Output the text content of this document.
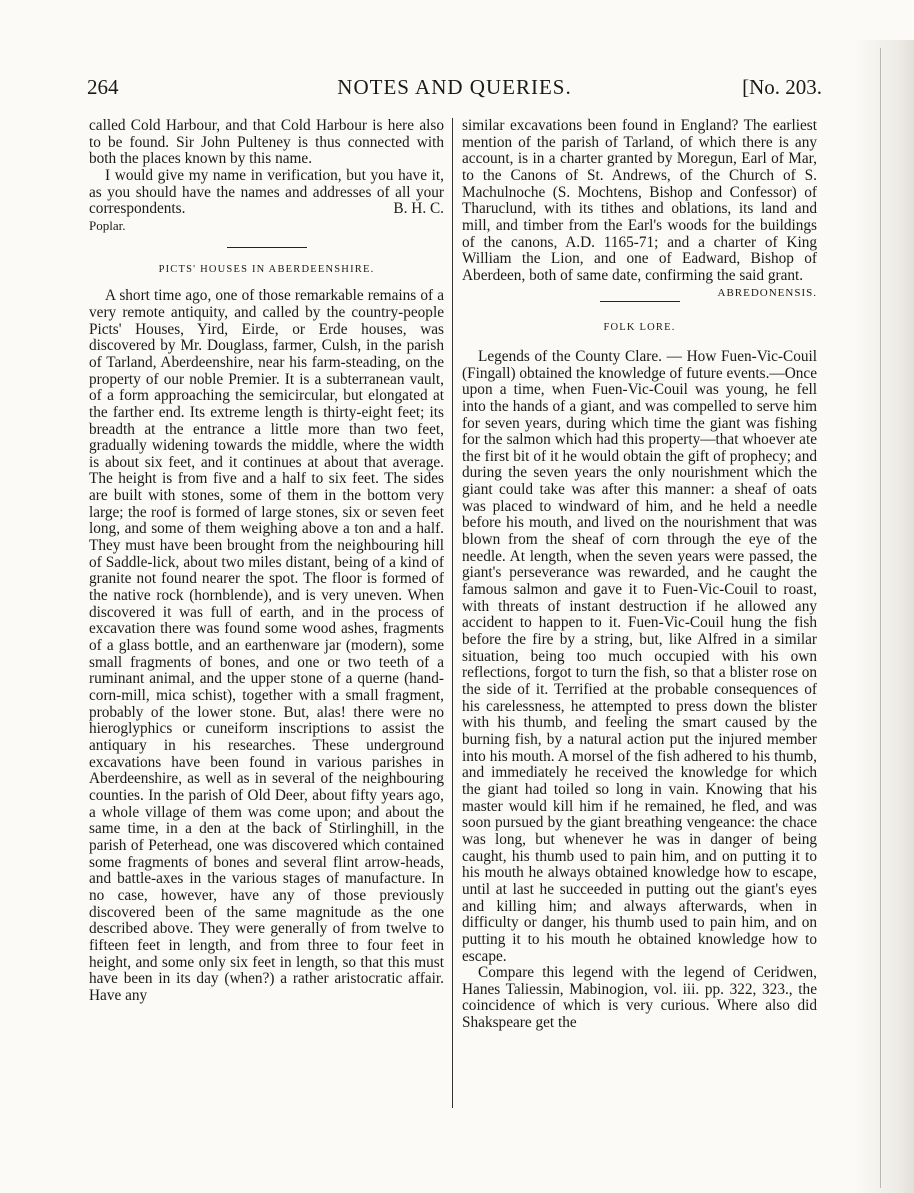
264	NOTES AND QUERIES.	[No. 203.

called Cold Harbour, and that Cold Harbour is here also to be found. Sir John Pulteney is thus connected with both the places known by this name.

I would give my name in verification, but you have it, as you should have the names and addresses of all your correspondents.	B. H. C.

Poplar.

PICTS' HOUSES IN ABERDEENSHIRE.

A short time ago, one of those remarkable remains of a very remote antiquity, and called by the country-people Picts' Houses, Yird, Eirde, or Erde houses, was discovered by Mr. Douglass, farmer, Culsh, in the parish of Tarland, Aberdeenshire, near his farm-steading, on the property of our noble Premier. It is a subterranean vault, of a form approaching the semicircular, but elongated at the farther end. Its extreme length is thirty-eight feet; its breadth at the entrance a little more than two feet, gradually widening towards the middle, where the width is about six feet, and it continues at about that average. The height is from five and a half to six feet. The sides are built with stones, some of them in the bottom very large; the roof is formed of large stones, six or seven feet long, and some of them weighing above a ton and a half. They must have been brought from the neighbouring hill of Saddle-lick, about two miles distant, being of a kind of granite not found nearer the spot. The floor is formed of the native rock (hornblende), and is very uneven. When discovered it was full of earth, and in the process of excavation there was found some wood ashes, fragments of a glass bottle, and an earthenware jar (modern), some small fragments of bones, and one or two teeth of a ruminant animal, and the upper stone of a querne (hand-corn-mill, mica schist), together with a small fragment, probably of the lower stone. But, alas! there were no hieroglyphics or cuneiform inscriptions to assist the antiquary in his researches. These underground excavations have been found in various parishes in Aberdeenshire, as well as in several of the neighbouring counties. In the parish of Old Deer, about fifty years ago, a whole village of them was come upon; and about the same time, in a den at the back of Stirlinghill, in the parish of Peterhead, one was discovered which contained some fragments of bones and several flint arrow-heads, and battle-axes in the various stages of manufacture. In no case, however, have any of those previously discovered been of the same magnitude as the one described above. They were generally of from twelve to fifteen feet in length, and from three to four feet in height, and some only six feet in length, so that this must have been in its day (when?) a rather aristocratic affair. Have any

similar excavations been found in England? The earliest mention of the parish of Tarland, of which there is any account, is in a charter granted by Moregun, Earl of Mar, to the Canons of St. Andrews, of the Church of S. Machulnoche (S. Mochtens, Bishop and Confessor) of Tharuclund, with its tithes and oblations, its land and mill, and timber from the Earl's woods for the buildings of the canons, A.D. 1165-71; and a charter of King William the Lion, and one of Eadward, Bishop of Aberdeen, both of same date, confirming the said grant.
ABREDONENSIS.

FOLK LORE.

Legends of the County Clare. — How Fuen-Vic-Couil (Fingall) obtained the knowledge of future events.—Once upon a time, when Fuen-Vic-Couil was young, he fell into the hands of a giant, and was compelled to serve him for seven years, during which time the giant was fishing for the salmon which had this property—that whoever ate the first bit of it he would obtain the gift of prophecy; and during the seven years the only nourishment which the giant could take was after this manner: a sheaf of oats was placed to windward of him, and he held a needle before his mouth, and lived on the nourishment that was blown from the sheaf of corn through the eye of the needle. At length, when the seven years were passed, the giant's perseverance was rewarded, and he caught the famous salmon and gave it to Fuen-Vic-Couil to roast, with threats of instant destruction if he allowed any accident to happen to it. Fuen-Vic-Couil hung the fish before the fire by a string, but, like Alfred in a similar situation, being too much occupied with his own reflections, forgot to turn the fish, so that a blister rose on the side of it. Terrified at the probable consequences of his carelessness, he attempted to press down the blister with his thumb, and feeling the smart caused by the burning fish, by a natural action put the injured member into his mouth. A morsel of the fish adhered to his thumb, and immediately he received the knowledge for which the giant had toiled so long in vain. Knowing that his master would kill him if he remained, he fled, and was soon pursued by the giant breathing vengeance: the chace was long, but whenever he was in danger of being caught, his thumb used to pain him, and on putting it to his mouth he always obtained knowledge how to escape, until at last he succeeded in putting out the giant's eyes and killing him; and always afterwards, when in difficulty or danger, his thumb used to pain him, and on putting it to his mouth he obtained knowledge how to escape.

Compare this legend with the legend of Ceridwen, Hanes Taliessin, Mabinogion, vol. iii. pp. 322, 323., the coincidence of which is very curious. Where also did Shakspeare get the
